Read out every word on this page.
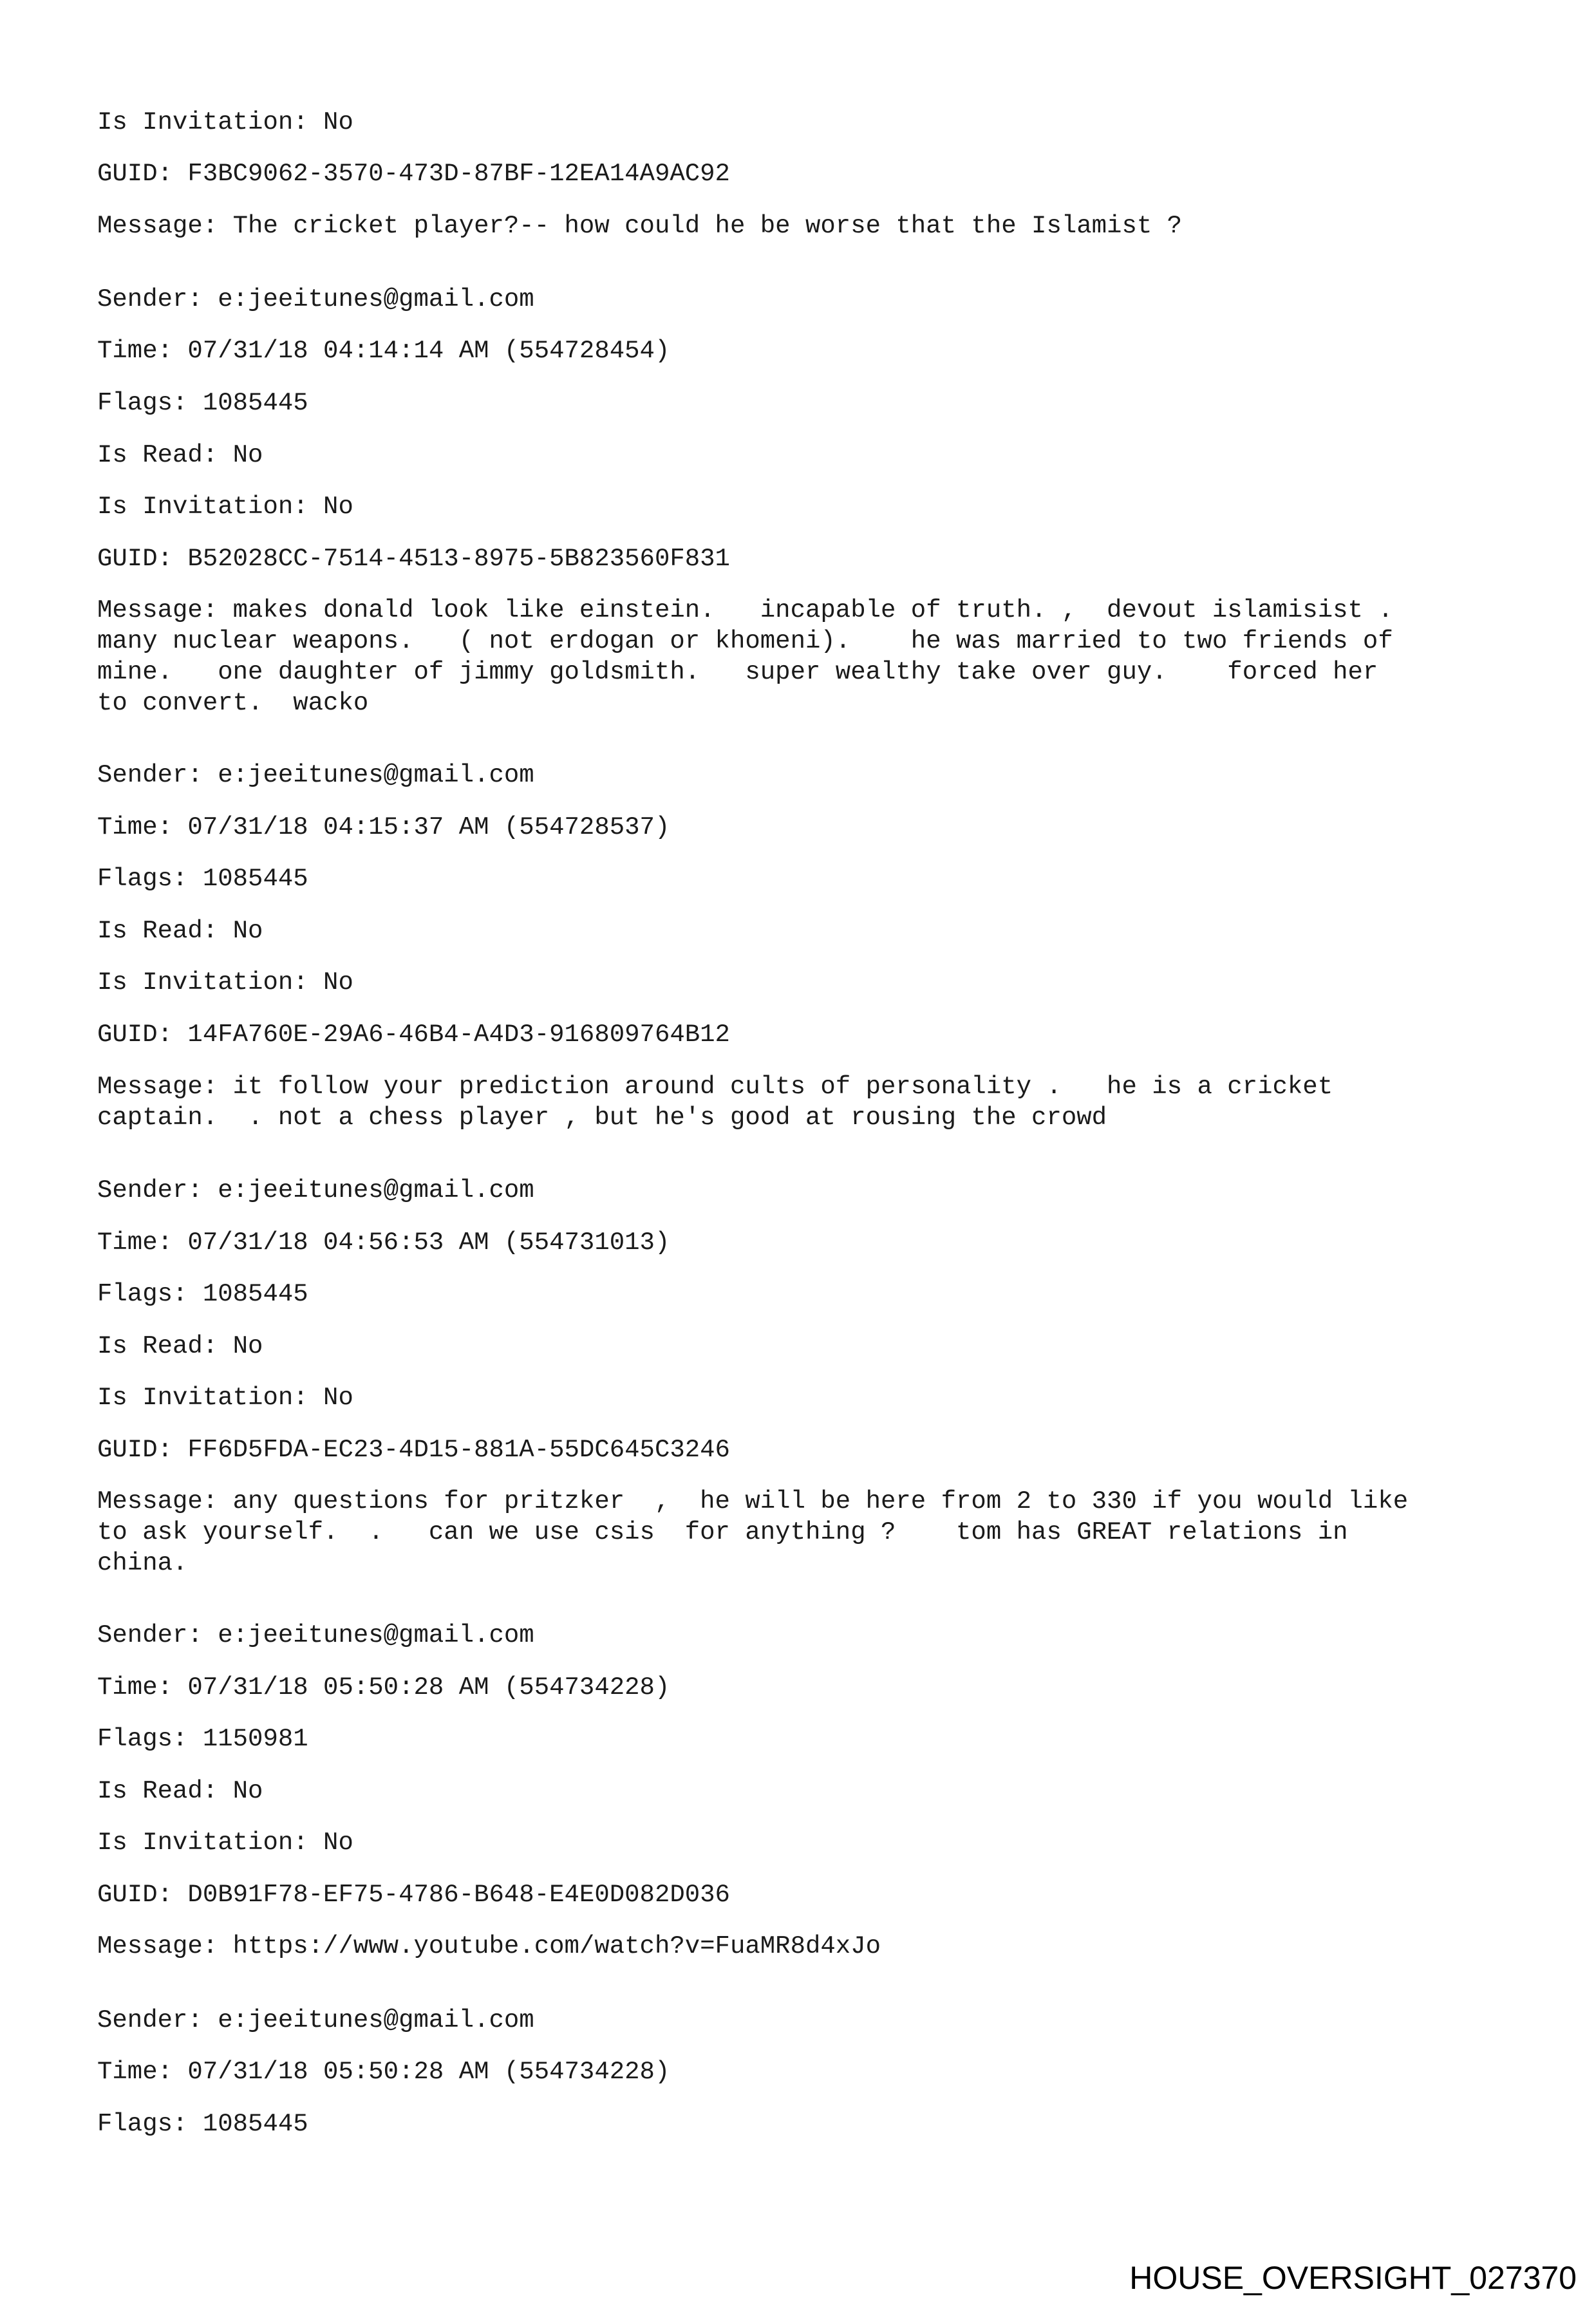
Is Invitation: No
GUID: F3BC9062-3570-473D-87BF-12EA14A9AC92
Message: The cricket player?-- how could he be worse that the Islamist ?
Sender: e:jeeitunes@gmail.com
Time: 07/31/18 04:14:14 AM (554728454)
Flags: 1085445
Is Read: No
Is Invitation: No
GUID: B52028CC-7514-4513-8975-5B823560F831
Message: makes donald look like einstein.   incapable of truth. ,  devout islamisist .
many nuclear weapons.   ( not erdogan or khomeni).    he was married to two friends of
mine.   one daughter of jimmy goldsmith.   super wealthy take over guy.    forced her
to convert.  wacko
Sender: e:jeeitunes@gmail.com
Time: 07/31/18 04:15:37 AM (554728537)
Flags: 1085445
Is Read: No
Is Invitation: No
GUID: 14FA760E-29A6-46B4-A4D3-916809764B12
Message: it follow your prediction around cults of personality .   he is a cricket
captain.  . not a chess player , but he's good at rousing the crowd
Sender: e:jeeitunes@gmail.com
Time: 07/31/18 04:56:53 AM (554731013)
Flags: 1085445
Is Read: No
Is Invitation: No
GUID: FF6D5FDA-EC23-4D15-881A-55DC645C3246
Message: any questions for pritzker  ,  he will be here from 2 to 330 if you would like
to ask yourself.  .   can we use csis  for anything ?    tom has GREAT relations in
china.
Sender: e:jeeitunes@gmail.com
Time: 07/31/18 05:50:28 AM (554734228)
Flags: 1150981
Is Read: No
Is Invitation: No
GUID: D0B91F78-EF75-4786-B648-E4E0D082D036
Message: https://www.youtube.com/watch?v=FuaMR8d4xJo
Sender: e:jeeitunes@gmail.com
Time: 07/31/18 05:50:28 AM (554734228)
Flags: 1085445
HOUSE_OVERSIGHT_027370
